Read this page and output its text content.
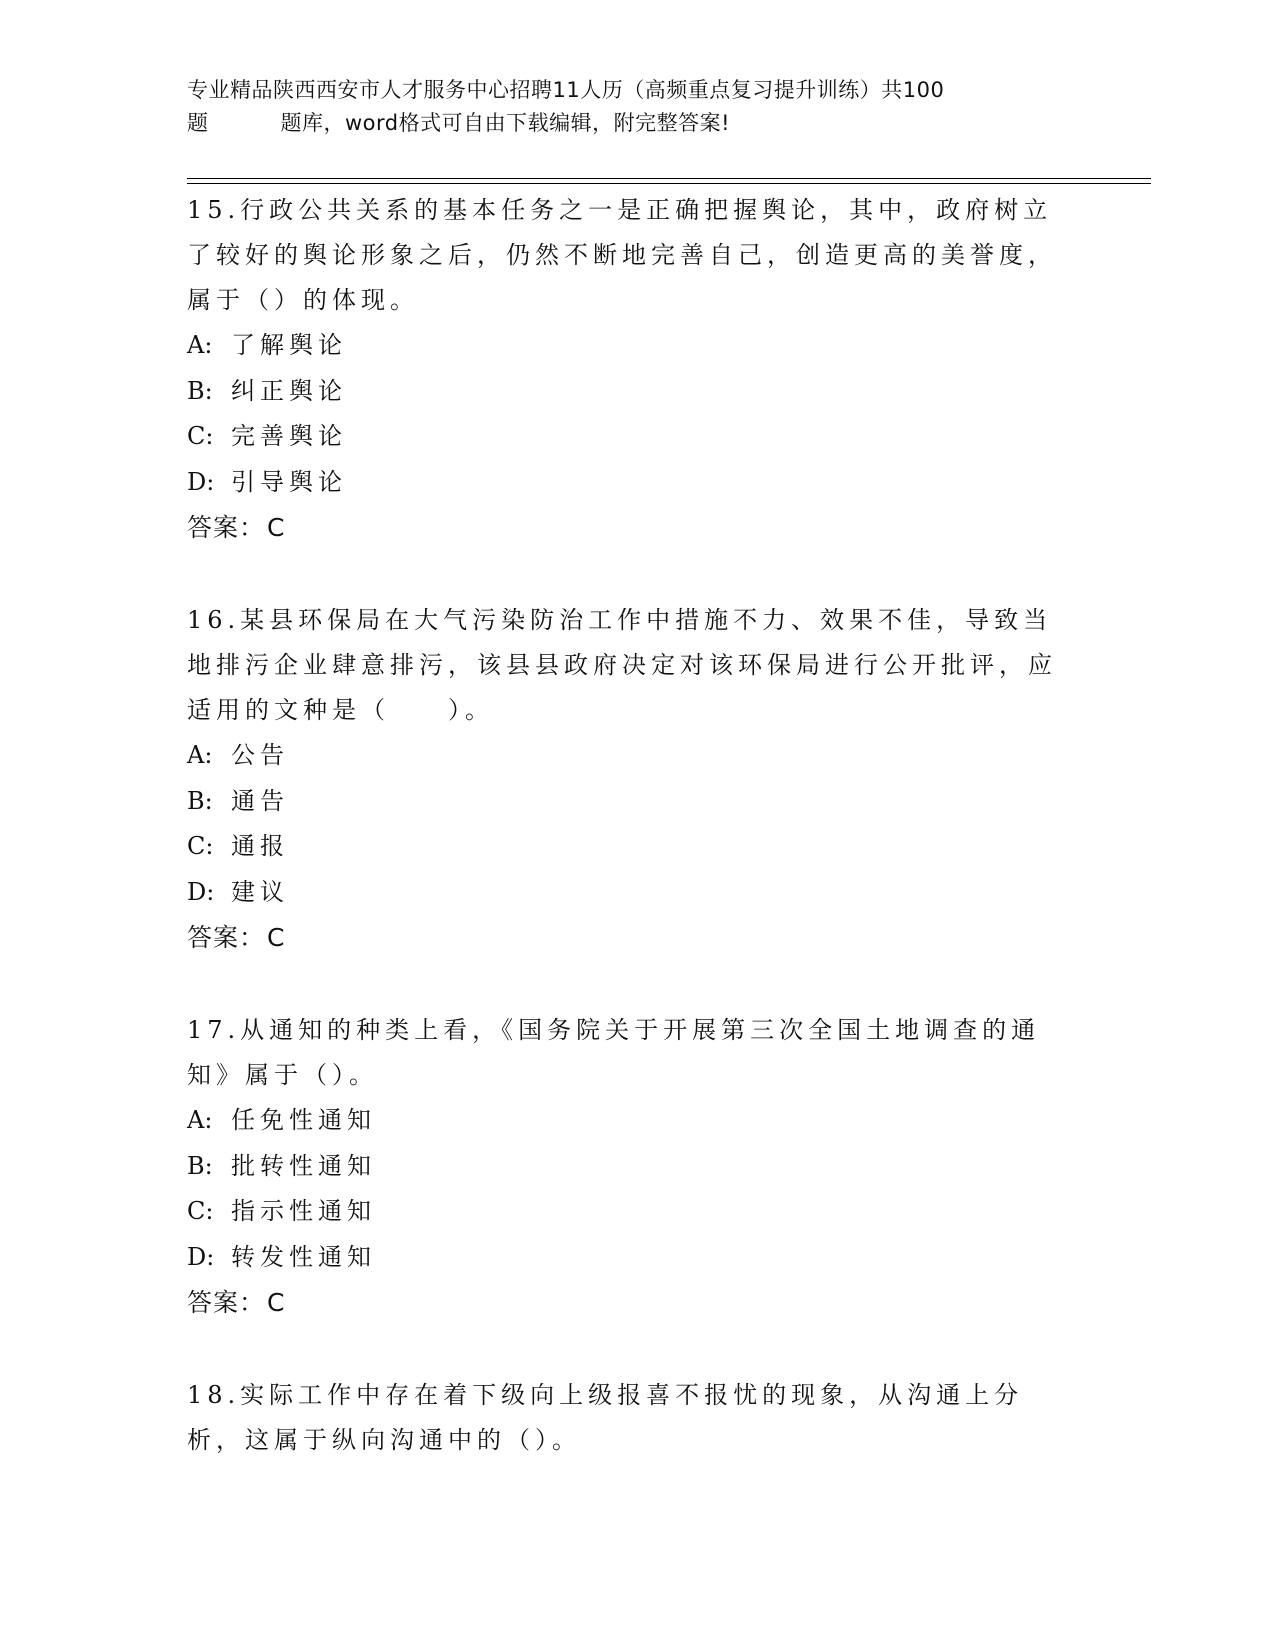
专业精品陕西西安市人才服务中心招聘11人历（高频重点复习提升训练）共100
题	题库，word格式可自由下载编辑，附完整答案!

15.行政公共关系的基本任务之一是正确把握舆论，其中，政府树立了较好的舆论形象之后，仍然不断地完善自己，创造更高的美誉度，属于（）的体现。

A: 了解舆论

B: 纠正舆论

C: 完善舆论

D: 引导舆论

答案：C

16.某县环保局在大气污染防治工作中措施不力、效果不佳，导致当地排污企业肆意排污，该县县政府决定对该环保局进行公开批评，应适用的文种是（　　）。

A: 公告

B: 通告

C: 通报

D: 建议

答案：C

17.从通知的种类上看，《国务院关于开展第三次全国土地调查的通知》属于（）。

A: 任免性通知

B: 批转性通知

C: 指示性通知

D: 转发性通知

答案：C

18.实际工作中存在着下级向上级报喜不报忧的现象，从沟通上分析，这属于纵向沟通中的（）。
